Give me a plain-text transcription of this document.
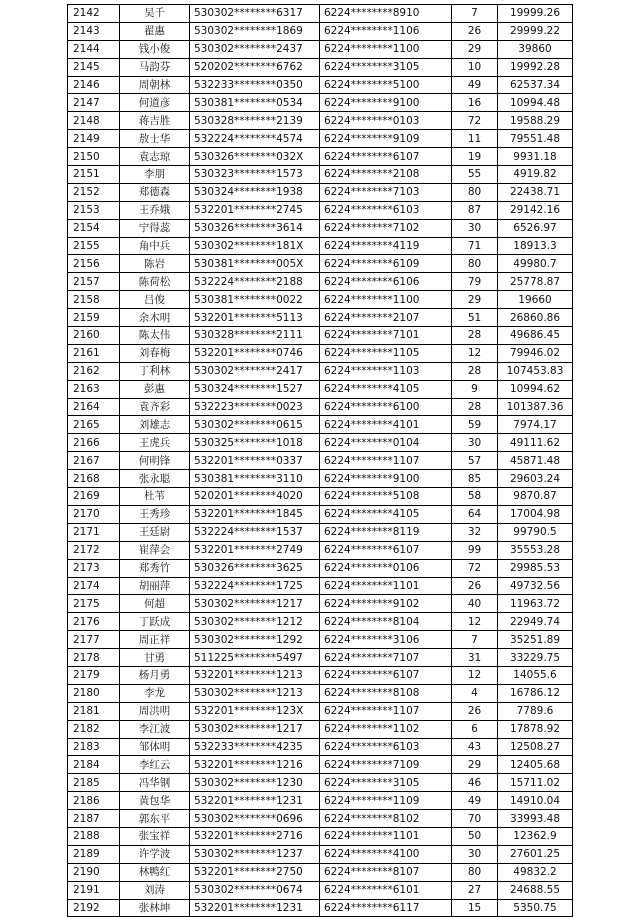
2142	吴千	530302********6317	6224********8910	7	19999.26
2143	翟惠	530302********1869	6224********1106	26	29999.22
2144	钱小俊	530302********2437	6224********1100	29	39860
2145	马韵芬	520202********6762	6224********3105	10	19992.28
2146	周朝林	532233********0350	6224********5100	49	62537.34
2147	何道彦	530381********0534	6224********9100	16	10994.48
2148	蒋吉胜	530328********2139	6224********0103	72	19588.29
2149	敖士华	532224********4574	6224********9109	11	79551.48
2150	袁志琼	530326********032X	6224********6107	19	9931.18
2151	李朋	530323********1573	6224********2108	55	4919.82
2152	郑德森	530324********1938	6224********7103	80	22438.71
2153	王乔娥	532201********2745	6224********6103	87	29142.16
2154	宁得蕊	530326********3614	6224********7102	30	6526.97
2155	角中兵	530302********181X	6224********4119	71	18913.3
2156	陈岩	530381********005X	6224********6109	80	49980.7
2157	陈荷松	532224********2188	6224********6106	79	25778.87
2158	吕俊	530381********0022	6224********1100	29	19660
2159	余木明	532201********5113	6224********2107	51	26860.86
2160	陈太伟	530328********2111	6224********7101	28	49686.45
2161	刘春梅	532201********0746	6224********1105	12	79946.02
2162	丁利林	530302********2417	6224********1103	28	107453.83
2163	彭惠	530324********1527	6224********4105	9	10994.62
2164	袁齐彩	532223********0023	6224********6100	28	101387.36
2165	刘雄志	530302********0615	6224********4101	59	7974.17
2166	王虎兵	530325********1018	6224********0104	30	49111.62
2167	何明锋	532201********0337	6224********1107	57	45871.48
2168	张永聪	530381********3110	6224********9100	85	29603.24
2169	杜苇	520201********4020	6224********5108	58	9870.87
2170	王秀珍	532201********1845	6224********4105	64	17004.98
2171	王廷尉	532224********1537	6224********8119	32	99790.5
2172	崔萍会	532201********2749	6224********6107	99	35553.28
2173	郑秀竹	530326********3625	6224********0106	72	29985.53
2174	胡丽萍	532224********1725	6224********1101	26	49732.56
2175	何超	530302********1217	6224********9102	40	11963.72
2176	丁跃成	530302********1212	6224********8104	12	22949.74
2177	周正祥	530302********1292	6224********3106	7	35251.89
2178	甘勇	511225********5497	6224********7107	31	33229.75
2179	杨月勇	532201********1213	6224********6107	12	14055.6
2180	李龙	530302********1213	6224********8108	4	16786.12
2181	周洪明	532201********123X	6224********1107	26	7789.6
2182	李江波	530302********1217	6224********1102	6	17878.92
2183	邹体明	532233********4235	6224********6103	43	12508.27
2184	李红云	532201********1216	6224********7109	29	12405.68
2185	冯华钢	530302********1230	6224********3105	46	15711.02
2186	黄包华	532201********1231	6224********1109	49	14910.04
2187	郭东平	530302********0696	6224********8102	70	33993.48
2188	张宝祥	532201********2716	6224********1101	50	12362.9
2189	许学波	530302********1237	6224********4100	30	27601.25
2190	林鸭红	532201********2750	6224********8107	80	49832.2
2191	刘涛	530302********0674	6224********6101	27	24688.55
2192	张林坤	532201********1231	6224********6117	15	5350.75
